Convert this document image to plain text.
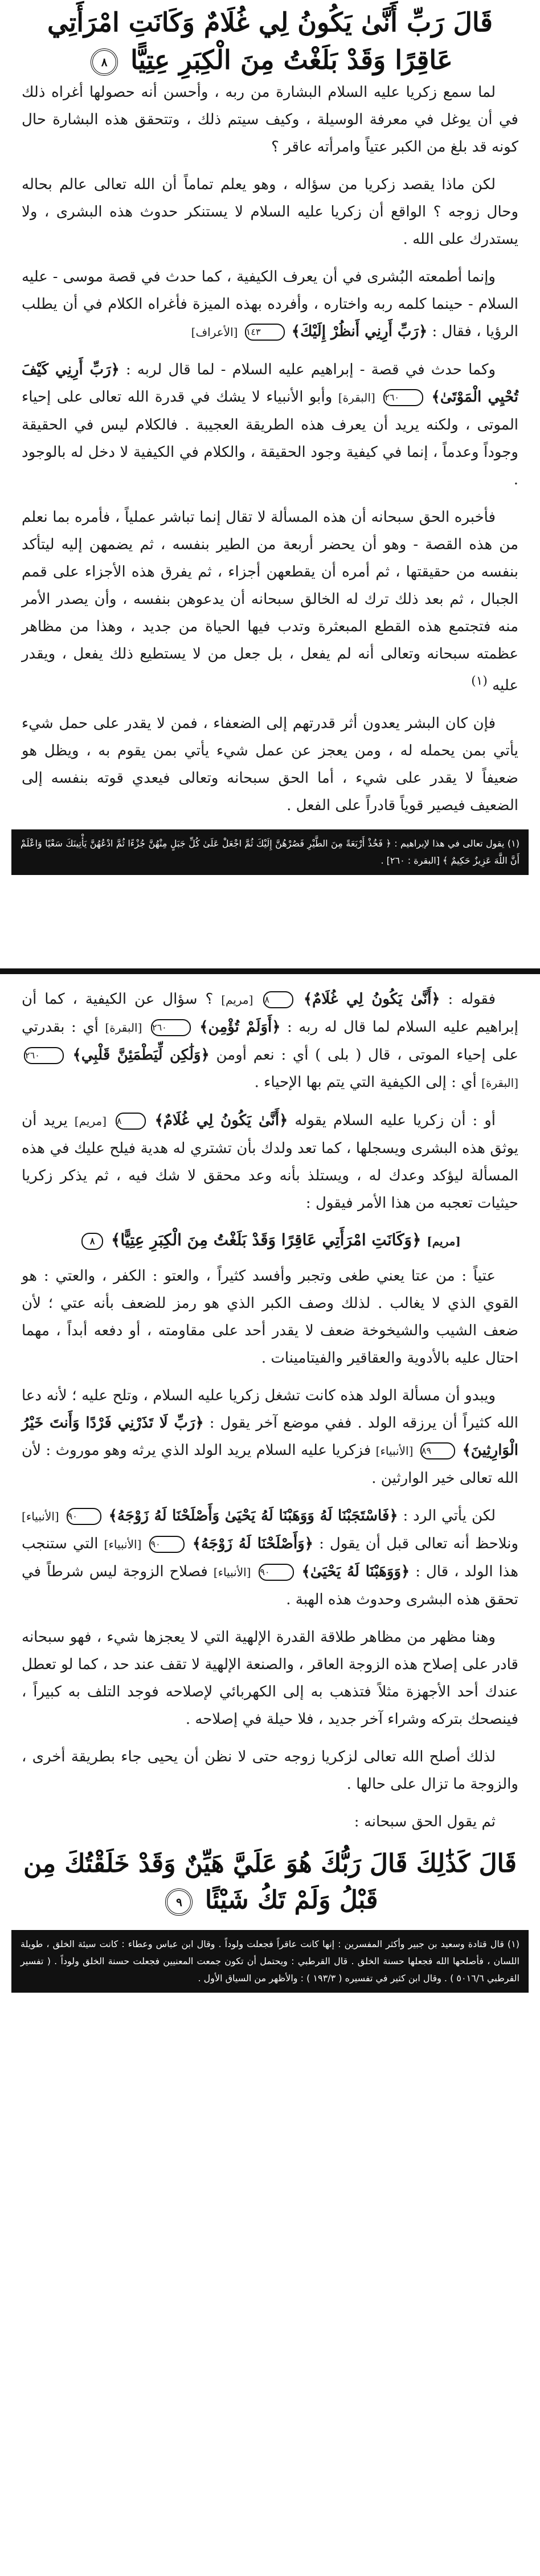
قَالَ رَبِّ أَنَّىٰ يَكُونُ لِي غُلَامٌ وَكَانَتِ امْرَأَتِي عَاقِرًا وَقَدْ بَلَغْتُ مِنَ الْكِبَرِ عِتِيًّا ٨

لما سمع زكريا عليه السلام البشارة من ربه ، وأحسن أنه حصولها أغراه ذلك في أن يوغل في معرفة الوسيلة ، وكيف سيتم ذلك ، وتتحقق هذه البشارة حال كونه قد بلغ من الكبر عتياً وامرأته عاقر ؟

لكن ماذا يقصد زكريا من سؤاله ، وهو يعلم تماماً أن الله تعالى عالم بحاله وحال زوجه ؟ الواقع أن زكريا عليه السلام لا يستنكر حدوث هذه البشرى ، ولا يستدرك على الله .

وإنما أطمعته البُشرى في أن يعرف الكيفية ، كما حدث في قصة موسى - عليه السلام - حينما كلمه ربه واختاره ، وأفرده بهذه الميزة فأغراه الكلام في أن يطلب الرؤيا ، فقال : ﴿ رَبِّ أَرِنِي أَنظُرْ إِلَيْكَ ﴾ ١٤٣ [ الأعراف ]

وكما حدث في قصة - إبراهيم عليه السلام - لما قال لربه : ﴿ رَبِّ أَرِنِي كَيْفَ تُحْيِي الْمَوْتَىٰ ﴾ ٢٦٠ [ البقرة ] وأبو الأنبياء لا يشك في قدرة الله تعالى على إحياء الموتى ، ولكنه يريد أن يعرف هذه الطريقة العجيبة . فالكلام ليس في الحقيقة وجوداً وعدماً ، إنما في كيفية وجود الحقيقة ، والكلام في الكيفية لا دخل له بالوجود .

فأخبره الحق سبحانه أن هذه المسألة لا تقال إنما تباشر عملياً ، فأمره بما نعلم من هذه القصة - وهو أن يحضر أربعة من الطير بنفسه ، ثم يضمهن إليه ليتأكد بنفسه من حقيقتها ، ثم أمره أن يقطعهن أجزاء ، ثم يفرق هذه الأجزاء على قمم الجبال ، ثم بعد ذلك ترك له الخالق سبحانه أن يدعوهن بنفسه ، وأن يصدر الأمر منه فتجتمع هذه القطع المبعثرة وتدب فيها الحياة من جديد ، وهذا من مظاهر عظمته سبحانه وتعالى أنه لم يفعل ، بل جعل من لا يستطيع ذلك يفعل ، ويقدر عليه $^{(١)}$

فإن كان البشر يعدون أثر قدرتهم إلى الضعفاء ، فمن لا يقدر على حمل شيء يأتي بمن يحمله له ، ومن يعجز عن عمل شيء يأتي بمن يقوم به ، ويظل هو ضعيفاً لا يقدر على شيء ، أما الحق سبحانه وتعالى فيعدي قوته بنفسه إلى الضعيف فيصير قوياً قادراً على الفعل .

(١) يقول تعالى في هذا لإبراهيم : ﴿ فَخُذْ أَرْبَعَةً مِنَ الطَّيْرِ فَصُرْهُنَّ إِلَيْكَ ثُمَّ اجْعَلْ عَلَىٰ كُلِّ جَبَلٍ مِنْهُنَّ جُزْءًا ثُمَّ ادْعُهُنَّ يَأْتِينَكَ سَعْيًا وَاعْلَمْ أَنَّ اللَّهَ عَزِيزٌ حَكِيمٌ ﴾ [البقرة : ٢٦٠] .

فقوله : ﴿ أَنَّىٰ يَكُونُ لِي غُلَامٌ ﴾ ٨ [ مريم ] ؟ سؤال عن الكيفية ، كما أن إبراهيم عليه السلام لما قال له ربه : ﴿ أَوَلَمْ تُؤْمِن ﴾ ٢٦٠ [ البقرة ] أي : بقدرتي على إحياء الموتى ، قال ( بلى ) أي : نعم أومن ﴿ وَلَٰكِن لِّيَطْمَئِنَّ قَلْبِي ﴾ ٢٦٠ [ البقرة ] أي : إلى الكيفية التي يتم بها الإحياء .

أو : أن زكريا عليه السلام يقوله ﴿ أَنَّىٰ يَكُونُ لِي غُلَامٌ ﴾ ٨ [ مريم ] يريد أن يوثق هذه البشرى ويسجلها ، كما تعد ولدك بأن تشتري له هدية فيلح عليك في هذه المسألة ليؤكد وعدك له ، ويستلذ بأنه وعد محقق لا شك فيه ، ثم يذكر زكريا حيثيات تعجبه من هذا الأمر فيقول :

[ مريم ] ﴿ وَكَانَتِ امْرَأَتِي عَاقِرًا وَقَدْ بَلَغْتُ مِنَ الْكِبَرِ عِتِيًّا ﴾ ٨

عتياً : من عتا يعني طغى وتجبر وأفسد كثيراً ، والعتو : الكفر ، والعتي : هو القوي الذي لا يغالب . لذلك وصف الكبر الذي هو رمز للضعف بأنه عتي ؛ لأن ضعف الشيب والشيخوخة ضعف لا يقدر أحد على مقاومته ، أو دفعه أبداً ، مهما احتال عليه بالأدوية والعقاقير والفيتامينات .

ويبدو أن مسألة الولد هذه كانت تشغل زكريا عليه السلام ، وتلح عليه ؛ لأنه دعا الله كثيراً أن يرزقه الولد . ففي موضع آخر يقول : ﴿ رَبِّ لَا تَذَرْنِي فَرْدًا وَأَنتَ خَيْرُ الْوَارِثِينَ ﴾ ٨٩ [ الأنبياء ] فزكريا عليه السلام يريد الولد الذي يرثه وهو موروث : لأن الله تعالى خير الوارثين .

لكن يأتي الرد : ﴿ فَاسْتَجَبْنَا لَهُ وَوَهَبْنَا لَهُ يَحْيَىٰ وَأَصْلَحْنَا لَهُ زَوْجَهُ ﴾ ٩٠ [ الأنبياء ] ونلاحظ أنه تعالى قبل أن يقول : ﴿ وَأَصْلَحْنَا لَهُ زَوْجَهُ ﴾ ٩٠ [ الأنبياء ] التي ستنجب هذا الولد ، قال : ﴿ وَوَهَبْنَا لَهُ يَحْيَىٰ ﴾ ٩٠ [ الأنبياء ] فصلاح الزوجة ليس شرطاً في تحقق هذه البشرى وحدوث هذه الهبة .

وهنا مظهر من مظاهر طلاقة القدرة الإلهية التي لا يعجزها شيء ، فهو سبحانه قادر على إصلاح هذه الزوجة العاقر ، والصنعة الإلهية لا تقف عند حد ، كما لو تعطل عندك أحد الأجهزة مثلاً فتذهب به إلى الكهربائي لإصلاحه فوجد التلف به كبيراً ، فينصحك بتركه وشراء آخر جديد ، فلا حيلة في إصلاحه .

لذلك أصلح الله تعالى لزكريا زوجه حتى لا نظن أن يحيى جاء بطريقة أخرى ، والزوجة ما تزال على حالها .

ثم يقول الحق سبحانه :

قَالَ كَذَٰلِكَ قَالَ رَبُّكَ هُوَ عَلَيَّ هَيِّنٌ وَقَدْ خَلَقْتُكَ مِن قَبْلُ وَلَمْ تَكُ شَيْئًا ٩
(١) قال قتادة وسعيد بن جبير وأكثر المفسرين : إنها كانت عاقراً فجعلت ولوداً . وقال ابن عباس وعطاء : كانت سيئة الخلق ، طويلة اللسان ، فأصلحها الله فجعلها حسنة الخلق . قال القرطبي : ويحتمل أن تكون جمعت المعنيين فجعلت حسنة الخلق ولوداً . ( تفسير القرطبي ٥٠١٦/٦ ) . وقال ابن كثير في تفسيره ( ١٩٣/٣ ) : والأظهر من السياق الأول .
